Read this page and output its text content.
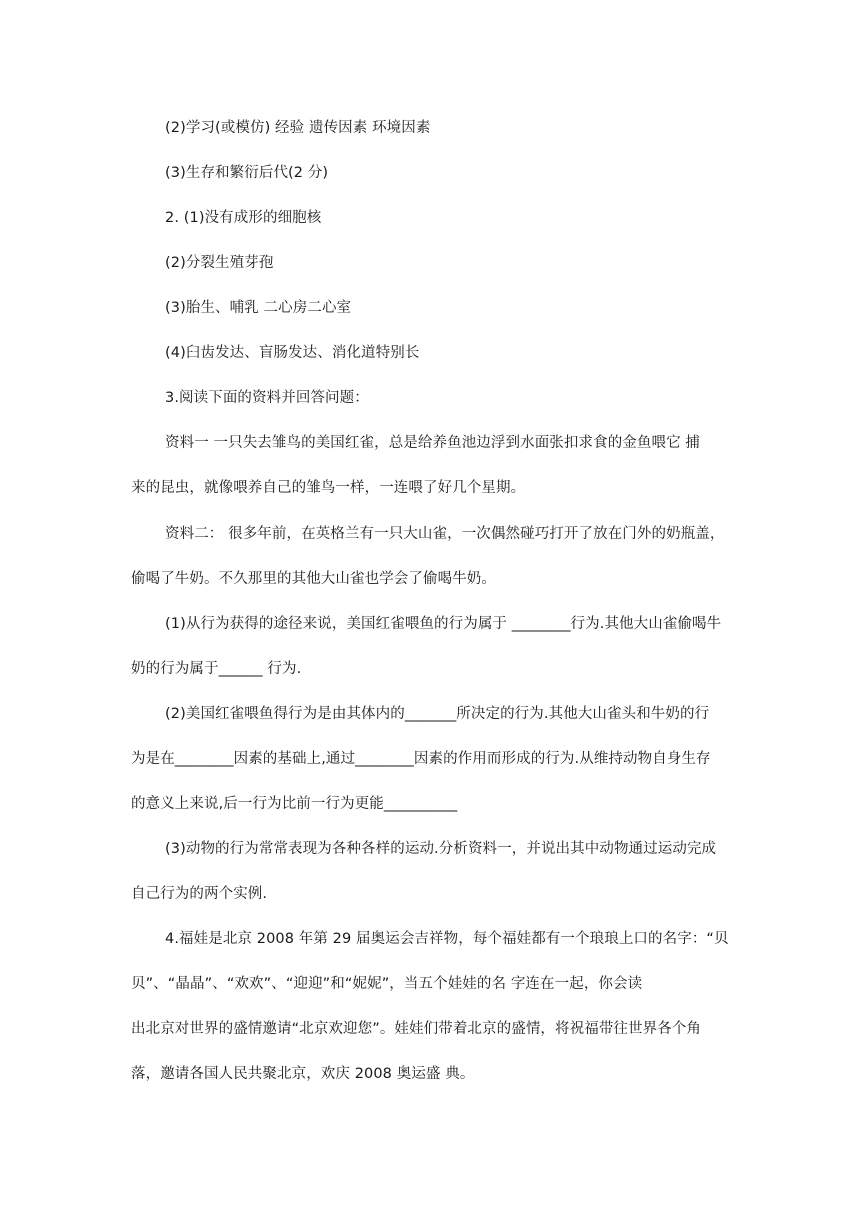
(2)学习(或模仿) 经验 遗传因素 环境因素
(3)生存和繁衍后代(2 分)
2. (1)没有成形的细胞核
(2)分裂生殖芽孢
(3)胎生、哺乳 二心房二心室
(4)臼齿发达、盲肠发达、消化道特别长
3.阅读下面的资料并回答问题：
资料一 一只失去雏鸟的美国红雀，总是给养鱼池边浮到水面张扣求食的金鱼喂它 捕
来的昆虫，就像喂养自己的雏鸟一样，一连喂了好几个星期。
资料二： 很多年前，在英格兰有一只大山雀，一次偶然碰巧打开了放在门外的奶瓶盖，
偷喝了牛奶。不久那里的其他大山雀也学会了偷喝牛奶。
(1)从行为获得的途径来说，美国红雀喂鱼的行为属于 ________行为.其他大山雀偷喝牛
奶的行为属于______ 行为.
(2)美国红雀喂鱼得行为是由其体内的_______所决定的行为.其他大山雀头和牛奶的行
为是在________因素的基础上,通过________因素的作用而形成的行为.从维持动物自身生存
的意义上来说,后一行为比前一行为更能__________
(3)动物的行为常常表现为各种各样的运动.分析资料一，并说出其中动物通过运动完成
自己行为的两个实例.
4.福娃是北京 2008 年第 29 届奥运会吉祥物，每个福娃都有一个琅琅上口的名字：“贝
贝”、“晶晶”、“欢欢”、“迎迎”和“妮妮”，当五个娃娃的名 字连在一起，你会读
出北京对世界的盛情邀请“北京欢迎您”。娃娃们带着北京的盛情，将祝福带往世界各个角
落，邀请各国人民共聚北京，欢庆 2008 奥运盛 典。
